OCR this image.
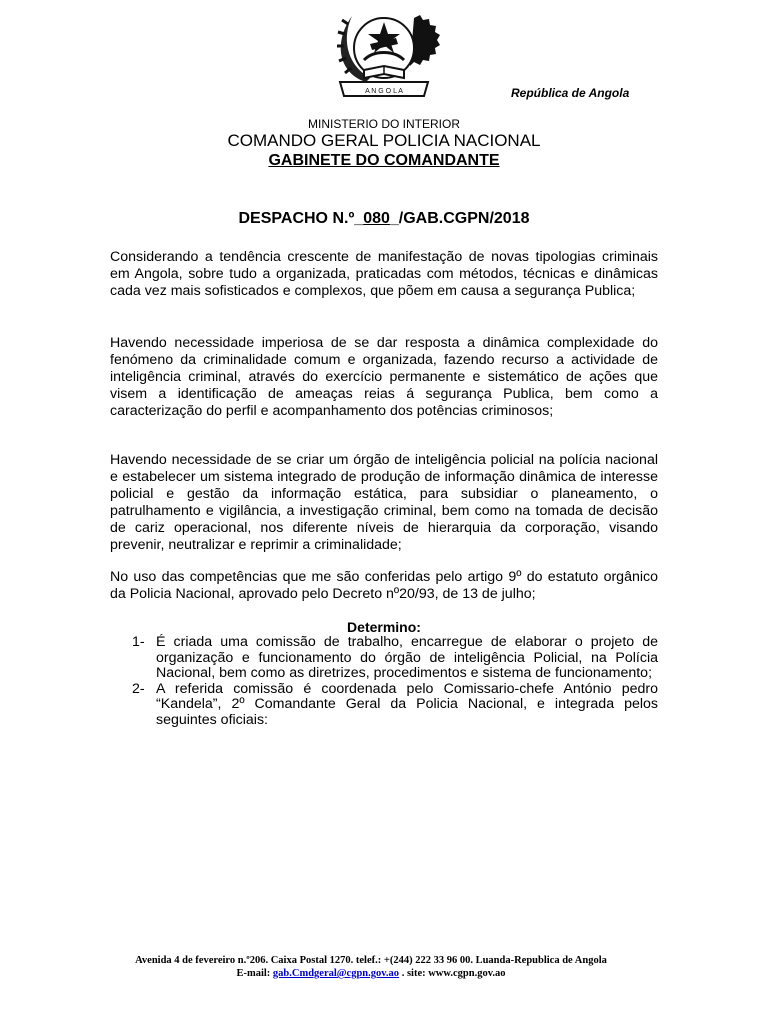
A N G O L A	República de Angola
MINISTERIO DO INTERIOR
COMANDO GERAL POLICIA NACIONAL
GABINETE DO COMANDANTE
DESPACHO N.º_080_/GAB.CGPN/2018

Considerando a tendência crescente de manifestação de novas tipologias criminais em Angola, sobre tudo a organizada, praticadas com métodos, técnicas e dinâmicas cada vez mais sofisticados e complexos, que põem em causa a segurança Publica;

Havendo necessidade imperiosa de se dar resposta a dinâmica complexidade do fenómeno da criminalidade comum e organizada, fazendo recurso a actividade de inteligência criminal, através do exercício permanente e sistemático de ações que visem a identificação de ameaças reias á segurança Publica, bem como a caracterização do perfil e acompanhamento dos potências criminosos;

Havendo necessidade de se criar um órgão de inteligência policial na polícia nacional e estabelecer um sistema integrado de produção de informação dinâmica de interesse policial e gestão da informação estática, para subsidiar o planeamento, o patrulhamento e vigilância, a investigação criminal, bem como na tomada de decisão de cariz operacional, nos diferente níveis de hierarquia da corporação, visando prevenir, neutralizar e reprimir a criminalidade;

No uso das competências que me são conferidas pelo artigo 9º do estatuto orgânico da Policia Nacional, aprovado pelo Decreto nº20/93, de 13 de julho;

Determino:
1- É criada uma comissão de trabalho, encarregue de elaborar o projeto de organização e funcionamento do órgão de inteligência Policial, na Polícia Nacional, bem como as diretrizes, procedimentos e sistema de funcionamento;
2- A referida comissão é coordenada pelo Comissario-chefe António pedro “Kandela”, 2º Comandante Geral da Policia Nacional, e integrada pelos seguintes oficiais:
Avenida 4 de fevereiro n.º206. Caixa Postal 1270. telef.: +(244) 222 33 96 00. Luanda-Republica de Angola
E-mail: gab.Cmdgeral@cgpn.gov.ao . site: www.cgpn.gov.ao
